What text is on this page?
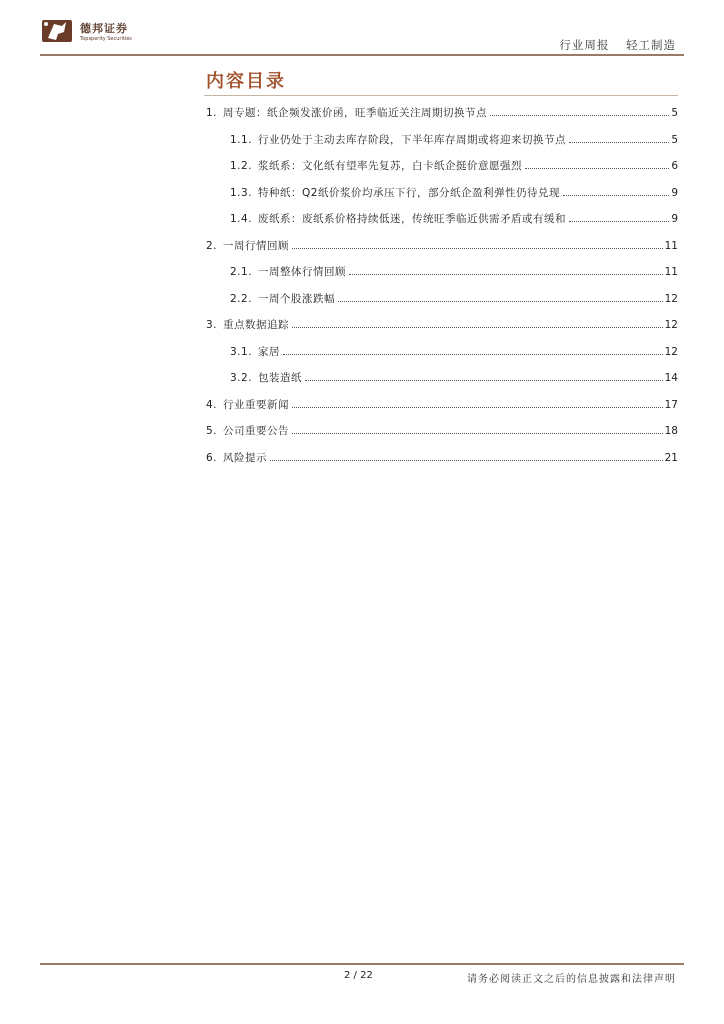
德邦证券
Topsperity Securities	行业周报 轻工制造
内容目录
1. 周专题：纸企频发涨价函，旺季临近关注周期切换节点	5
1.1. 行业仍处于主动去库存阶段，下半年库存周期或将迎来切换节点	5
1.2. 浆纸系：文化纸有望率先复苏，白卡纸企挺价意愿强烈	6
1.3. 特种纸：Q2纸价浆价均承压下行，部分纸企盈利弹性仍待兑现	9
1.4. 废纸系：废纸系价格持续低迷，传统旺季临近供需矛盾或有缓和	9
2. 一周行情回顾	11
2.1. 一周整体行情回顾	11
2.2. 一周个股涨跌幅	12
3. 重点数据追踪	12
3.1. 家居	12
3.2. 包装造纸	14
4. 行业重要新闻	17
5. 公司重要公告	18
6. 风险提示	21
2 / 22	请务必阅读正文之后的信息披露和法律声明
